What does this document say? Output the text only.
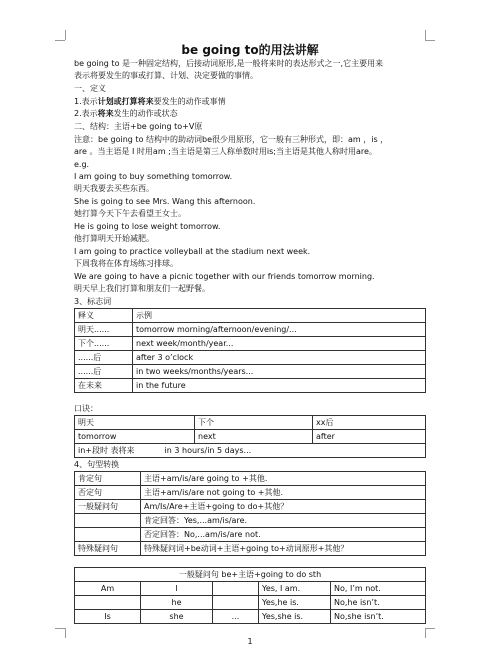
be going to的用法讲解
be going to 是一种固定结构，后接动词原形,是一般将来时的表达形式之一,它主要用来
表示将要发生的事或打算、计划、决定要做的事情。
一、定义
1.表示计划或打算将来要发生的动作或事情
2.表示将来发生的动作或状态
二、结构：主语+be going to+V原
注意：be going to 结构中的助动词be很少用原形，它一般有三种形式，即：am ，is ，
are 。当主语是 I 时用am ;当主语是第三人称单数时用is;当主语是其他人称时用are。
e.g.
I am going to buy something tomorrow.
明天我要去买些东西。
She is going to see Mrs. Wang this afternoon.
她打算今天下午去看望王女士。
He is going to lose weight tomorrow.
他打算明天开始减肥。
I am going to practice volleyball at the stadium next week.
下周我将在体育场练习排球。
We are going to have a picnic together with our friends tomorrow morning.
明天早上我们打算和朋友们一起野餐。
3、标志词
释义	示例
明天......	tomorrow morning/afternoon/evening/...
下个......	next week/month/year...
......后	after 3 o’clock
......后	in two weeks/months/years...
在未来	in the future
口诀：
明天	下个	xx后
tomorrow	next	after
in+段时 表将来 in 3 hours/in 5 days...		
4、句型转换
肯定句	主语+am/is/are going to +其他.
否定句	主语+am/is/are not going to +其他.
一般疑问句	Am/Is/Are+主语+going to do+其他？
	肯定回答：Yes,...am/is/are.
	否定回答：No,...am/is/are not.
特殊疑问句	特殊疑问词+be动词+主语+going to+动词原形+其他？
一般疑问句 be+主语+going to do sth				
Am	I		Yes, I am.	No, I’m not.
	he		Yes,he is.	No,he isn’t.
Is	she	...	Yes,she is.	No,she isn’t.
1
